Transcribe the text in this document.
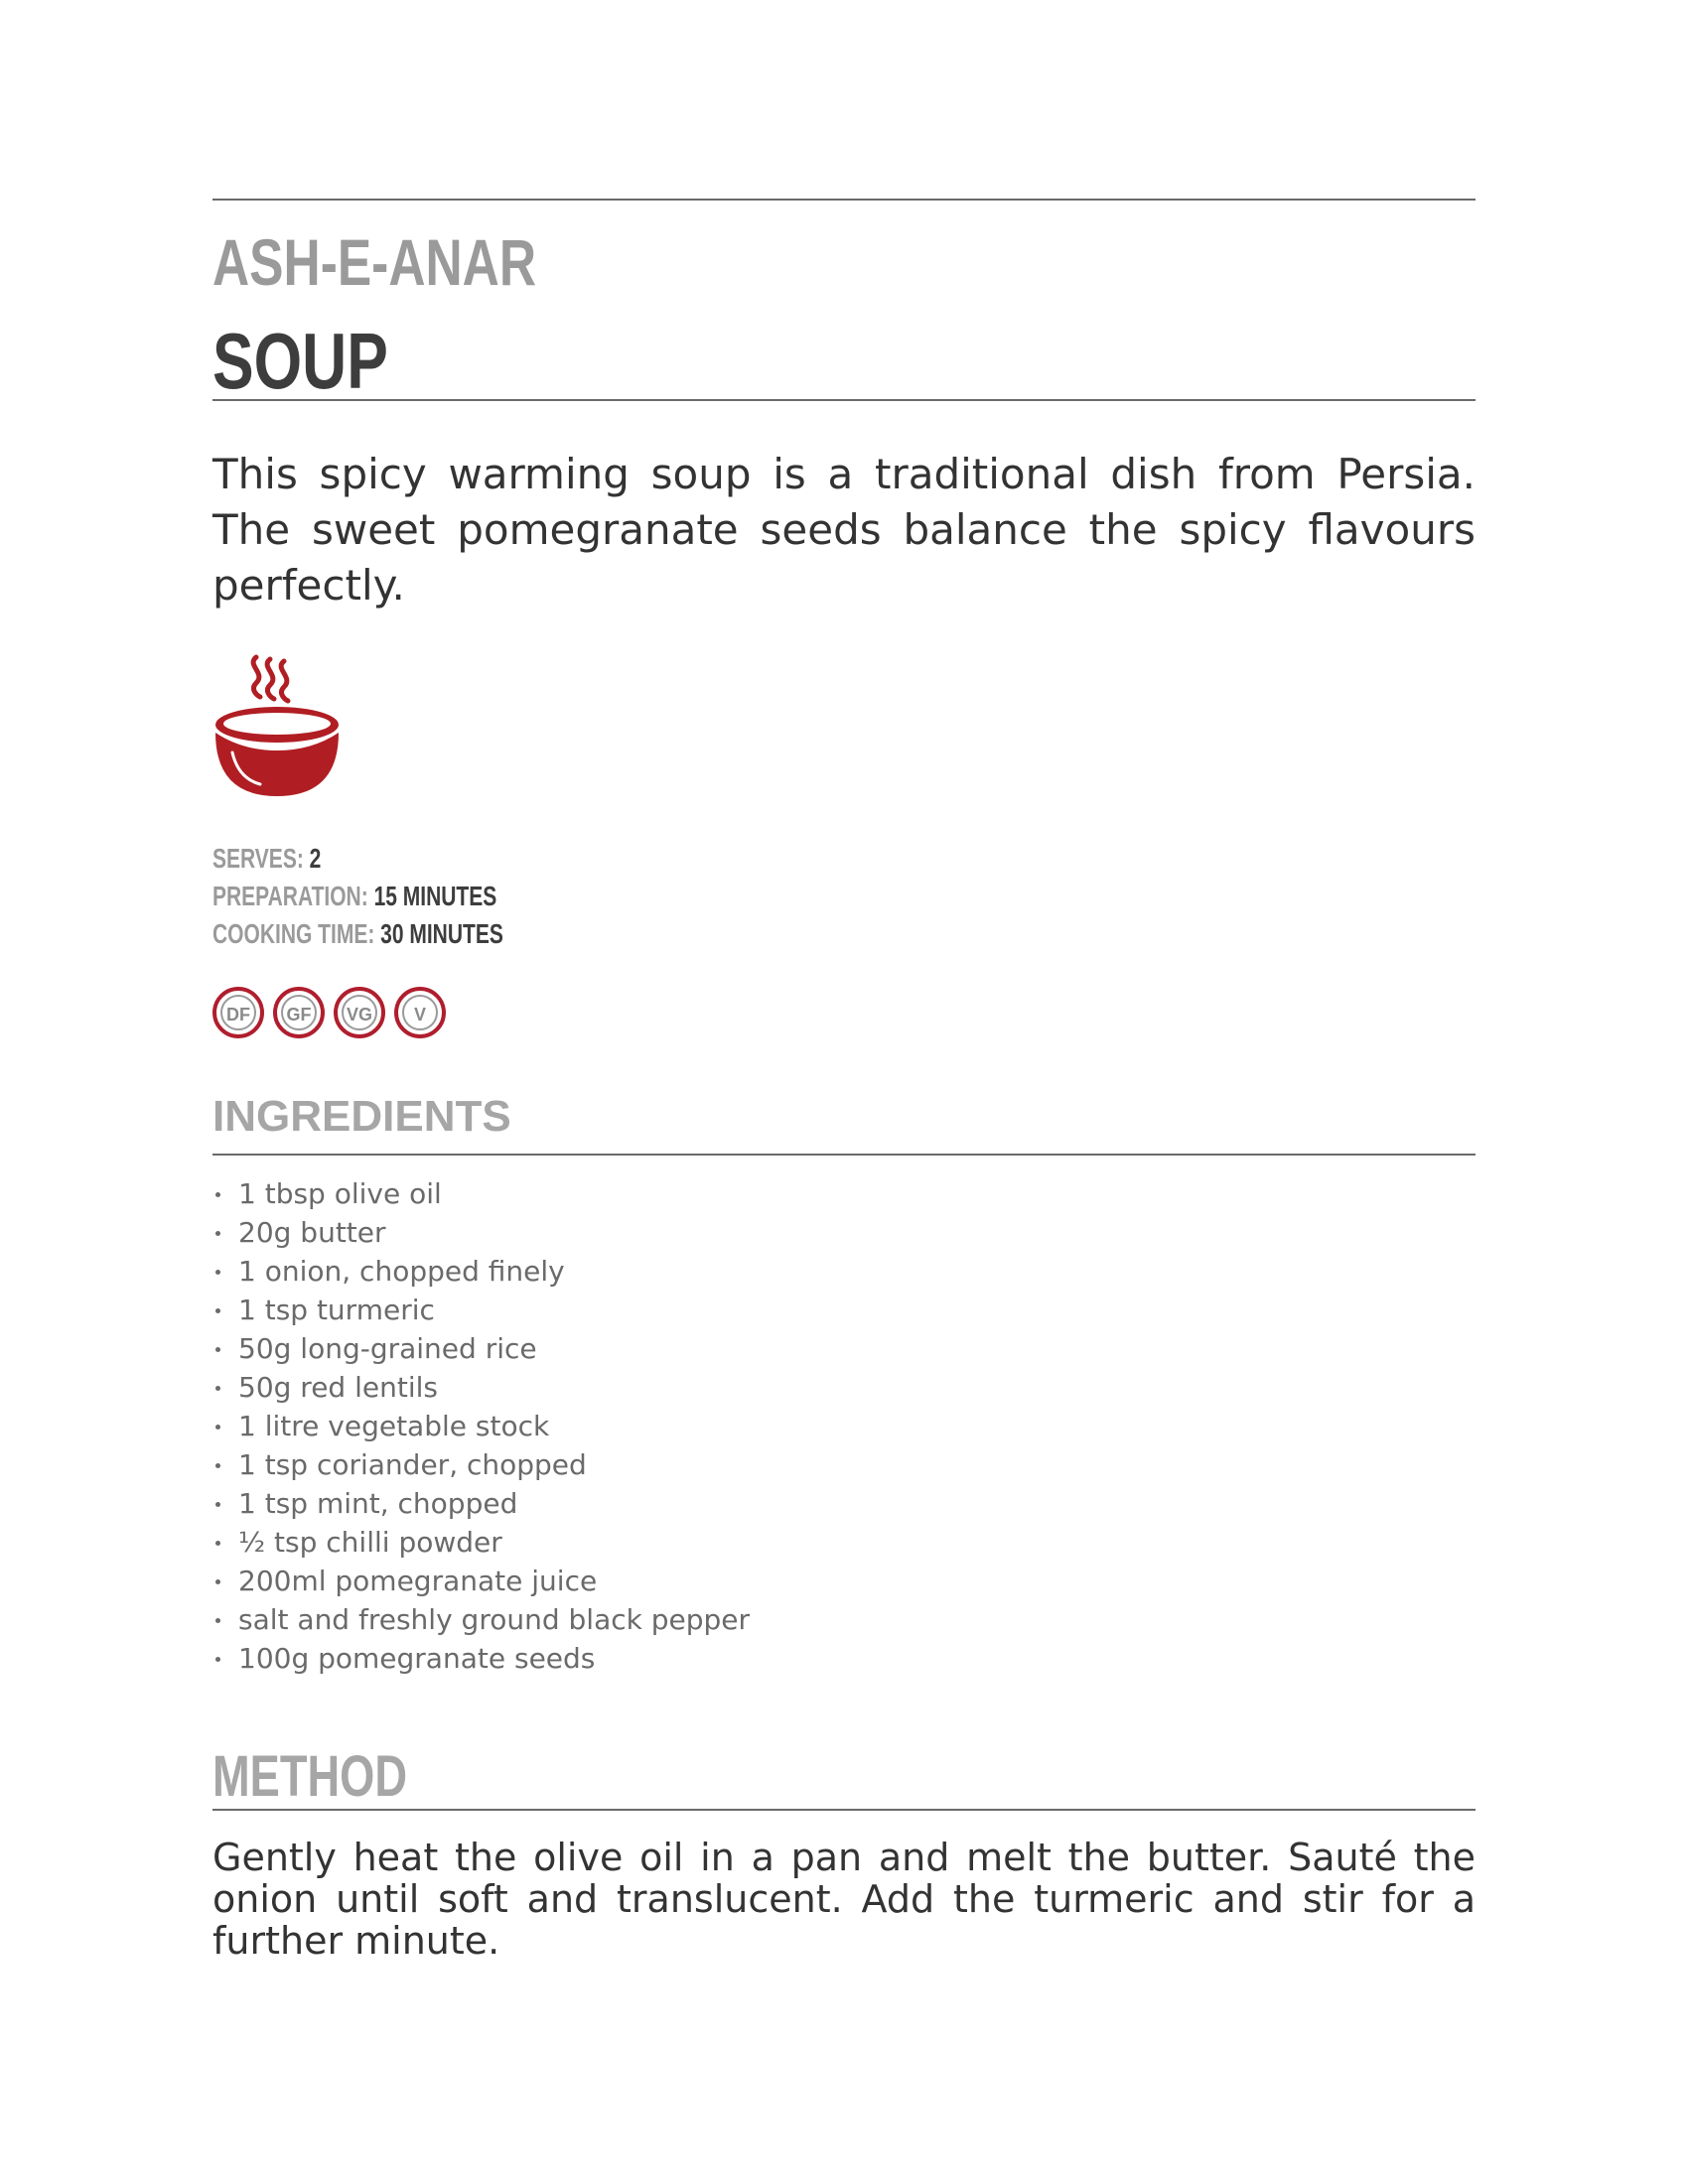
ASH-E-ANAR
SOUP

This spicy warming soup is a traditional dish from Persia. The sweet pomegranate seeds balance the spicy flavours perfectly.

SERVES: 2
PREPARATION: 15 MINUTES
COOKING TIME: 30 MINUTES
DF	GF	VG	V
INGREDIENTS
1 tbsp olive oil
20g butter
1 onion, chopped finely
1 tsp turmeric
50g long-grained rice
50g red lentils
1 litre vegetable stock
1 tsp coriander, chopped
1 tsp mint, chopped
½ tsp chilli powder
200ml pomegranate juice
salt and freshly ground black pepper
100g pomegranate seeds
METHOD

Gently heat the olive oil in a pan and melt the butter. Sauté the onion until soft and translucent. Add the turmeric and stir for a further minute.
